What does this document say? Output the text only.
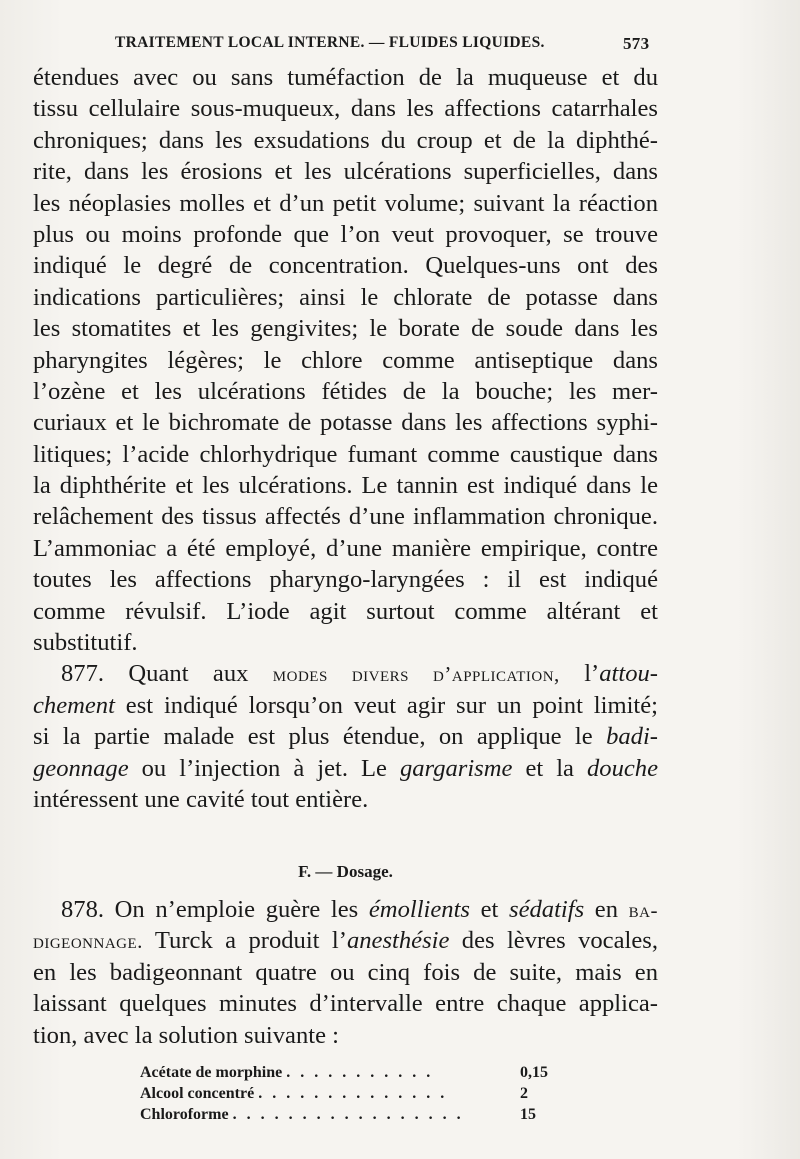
TRAITEMENT LOCAL INTERNE. — FLUIDES LIQUIDES.	573
étendues avec ou sans tuméfaction de la muqueuse et du
tissu cellulaire sous-muqueux, dans les affections catarrhales
chroniques; dans les exsudations du croup et de la diphthé-
rite, dans les érosions et les ulcérations superficielles, dans
les néoplasies molles et d’un petit volume; suivant la réaction
plus ou moins profonde que l’on veut provoquer, se trouve
indiqué le degré de concentration. Quelques-uns ont des
indications particulières; ainsi le chlorate de potasse dans
les stomatites et les gengivites; le borate de soude dans les
pharyngites légères; le chlore comme antiseptique dans
l’ozène et les ulcérations fétides de la bouche; les mer-
curiaux et le bichromate de potasse dans les affections syphi-
litiques; l’acide chlorhydrique fumant comme caustique dans
la diphthérite et les ulcérations. Le tannin est indiqué dans le
relâchement des tissus affectés d’une inflammation chronique.
L’ammoniac a été employé, d’une manière empirique, contre
toutes les affections pharyngo-laryngées : il est indiqué
comme révulsif. L’iode agit surtout comme altérant et
substitutif.
877. Quant aux modes divers d’application, l’attou-
chement est indiqué lorsqu’on veut agir sur un point limité;
si la partie malade est plus étendue, on applique le badi-
geonnage ou l’injection à jet. Le gargarisme et la douche
intéressent une cavité tout entière.
F. — Dosage.
878. On n’emploie guère les émollients et sédatifs en ba-
digeonnage. Turck a produit l’anesthésie des lèvres vocales,
en les badigeonnant quatre ou cinq fois de suite, mais en
laissant quelques minutes d’intervalle entre chaque applica-
tion, avec la solution suivante :
Acétate de morphine . . . . . . . . . . .	0,15
Alcool concentré . . . . . . . . . . . . . .	2
Chloroforme . . . . . . . . . . . . . . . . .	15
